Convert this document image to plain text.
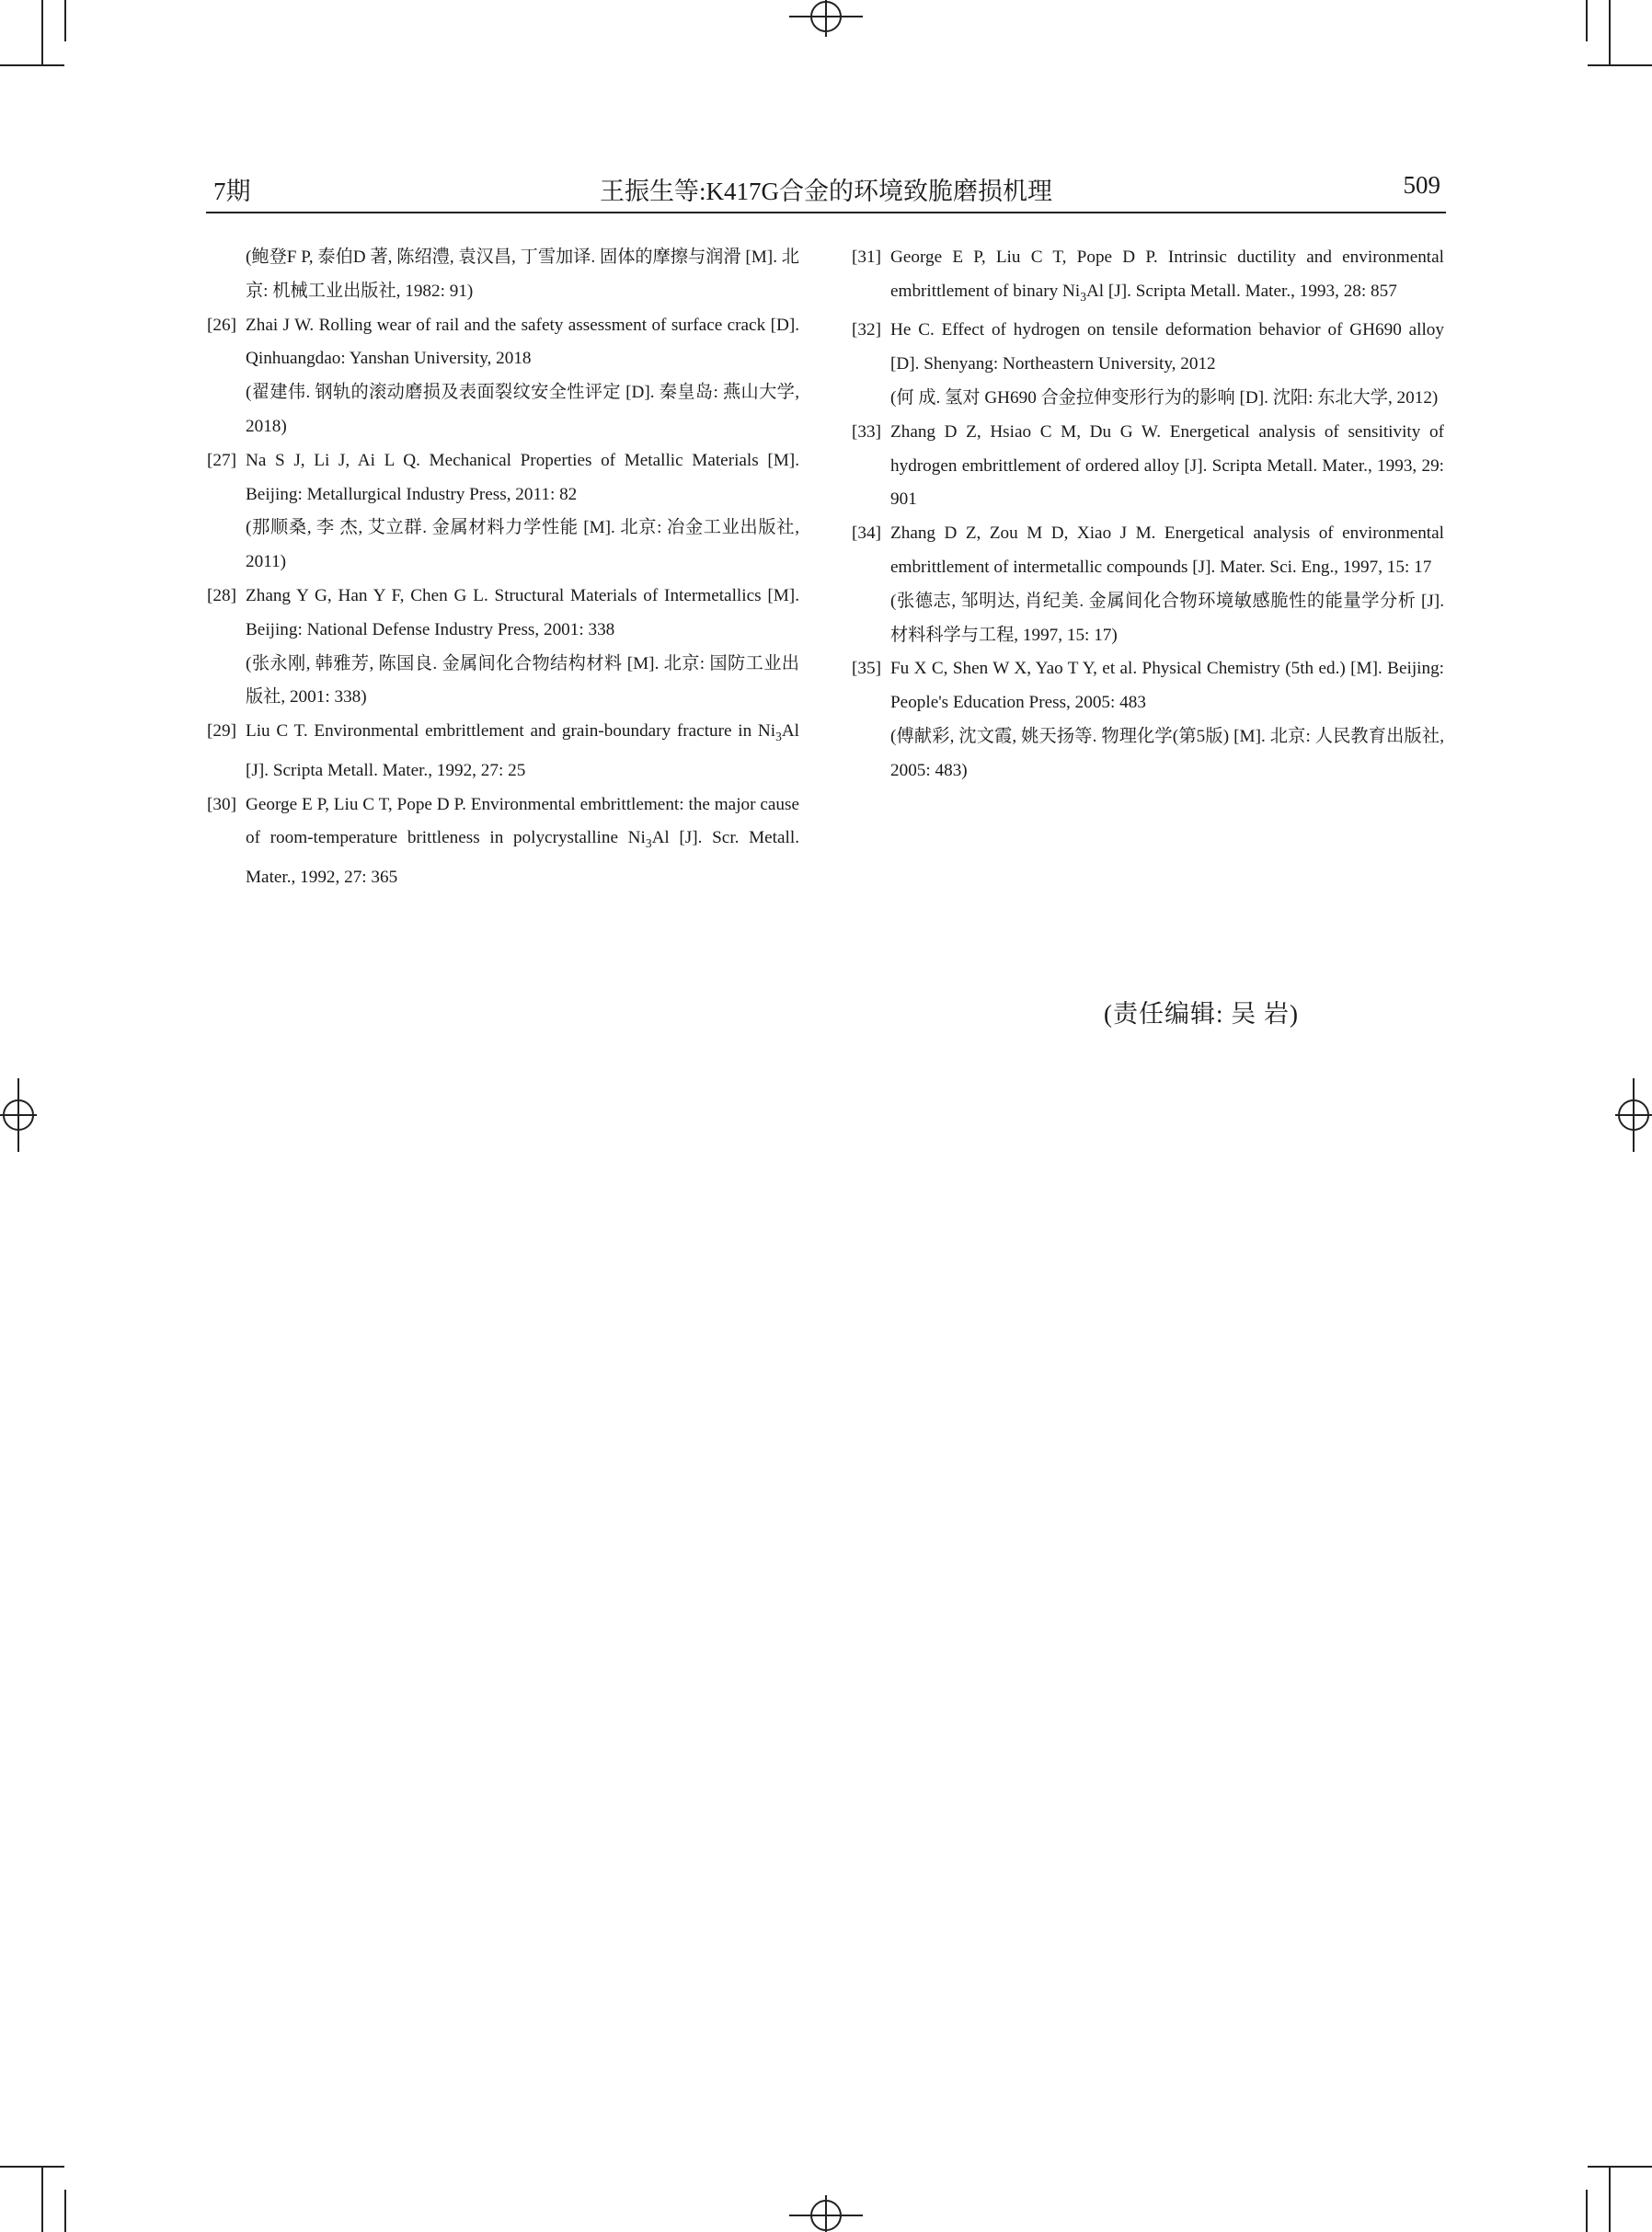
7期	王振生等:K417G合金的环境致脆磨损机理	509
(鲍登F P, 泰伯D 著, 陈绍澧, 袁汉昌, 丁雪加译. 固体的摩擦与润滑 [M]. 北京: 机械工业出版社, 1982: 91)
[26] Zhai J W. Rolling wear of rail and the safety assessment of surface crack [D]. Qinhuangdao: Yanshan University, 2018
(翟建伟. 钢轨的滚动磨损及表面裂纹安全性评定 [D]. 秦皇岛: 燕山大学, 2018)
[27] Na S J, Li J, Ai L Q. Mechanical Properties of Metallic Materials [M]. Beijing: Metallurgical Industry Press, 2011: 82
(那顺桑, 李 杰, 艾立群. 金属材料力学性能 [M]. 北京: 冶金工业出版社, 2011)
[28] Zhang Y G, Han Y F, Chen G L. Structural Materials of Intermetallics [M]. Beijing: National Defense Industry Press, 2001: 338
(张永刚, 韩雅芳, 陈国良. 金属间化合物结构材料 [M]. 北京: 国防工业出版社, 2001: 338)
[29] Liu C T. Environmental embrittlement and grain-boundary fracture in $Ni_3Al$ [J]. Scripta Metall. Mater., 1992, 27: 25
[30] George E P, Liu C T, Pope D P. Environmental embrittlement: the major cause of room-temperature brittleness in polycrystalline $Ni_3Al$ [J]. Scr. Metall. Mater., 1992, 27: 365
[31] George E P, Liu C T, Pope D P. Intrinsic ductility and environmental embrittlement of binary $Ni_3Al$ [J]. Scripta Metall. Mater., 1993, 28: 857
[32] He C. Effect of hydrogen on tensile deformation behavior of GH690 alloy [D]. Shenyang: Northeastern University, 2012
(何 成. 氢对 GH690 合金拉伸变形行为的影响 [D]. 沈阳: 东北大学, 2012)
[33] Zhang D Z, Hsiao C M, Du G W. Energetical analysis of sensitivity of hydrogen embrittlement of ordered alloy [J]. Scripta Metall. Mater., 1993, 29: 901
[34] Zhang D Z, Zou M D, Xiao J M. Energetical analysis of environmental embrittlement of intermetallic compounds [J]. Mater. Sci. Eng., 1997, 15: 17
(张德志, 邹明达, 肖纪美. 金属间化合物环境敏感脆性的能量学分析 [J]. 材料科学与工程, 1997, 15: 17)
[35] Fu X C, Shen W X, Yao T Y, et al. Physical Chemistry (5th ed.) [M]. Beijing: People's Education Press, 2005: 483
(傅献彩, 沈文霞, 姚天扬等. 物理化学(第5版) [M]. 北京: 人民教育出版社, 2005: 483)
(责任编辑: 吴 岩)
